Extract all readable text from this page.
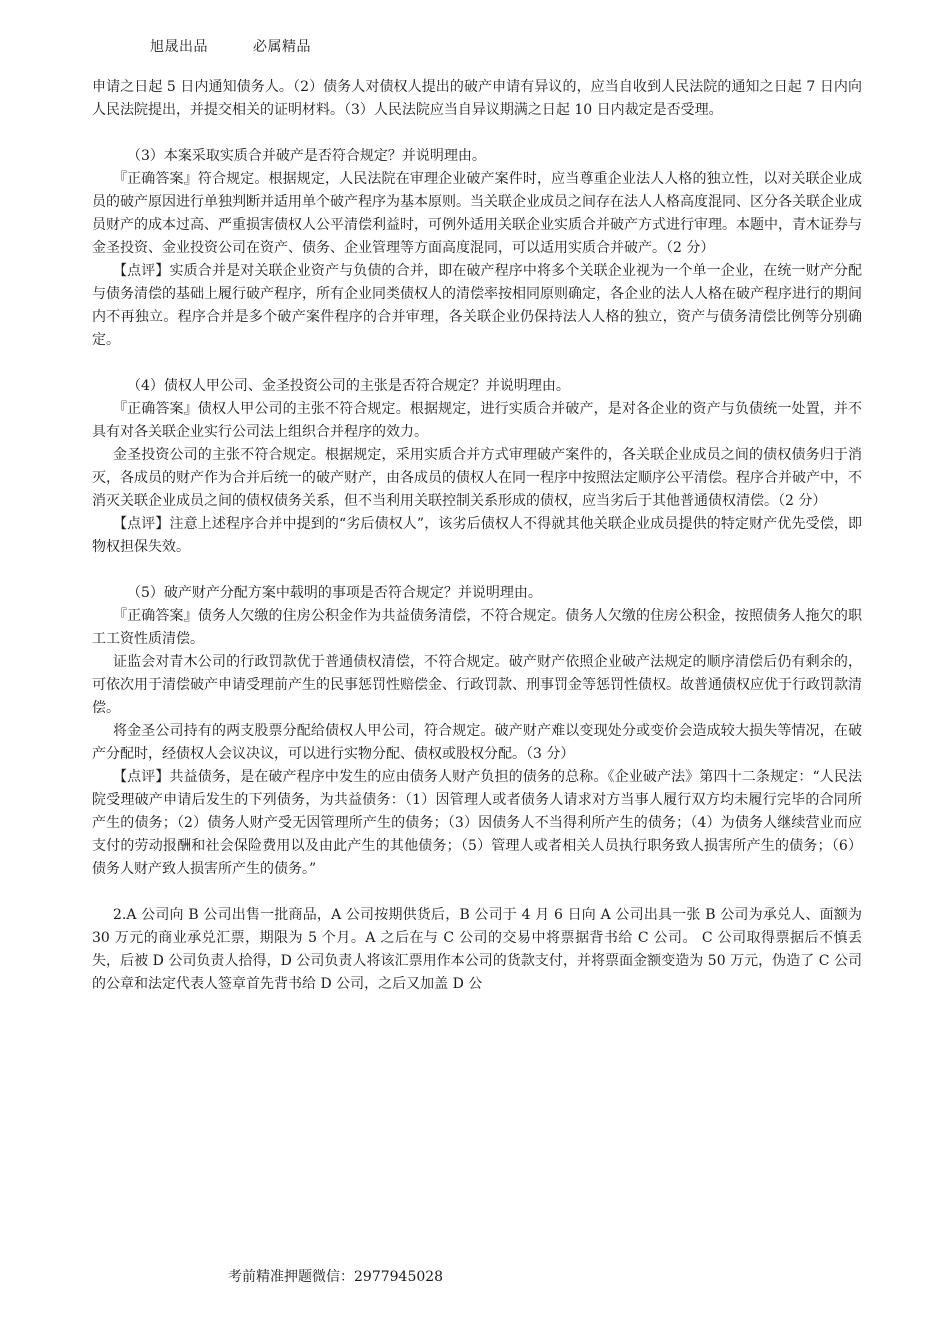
旭晟出品	必属精品

申请之日起 5 日内通知债务人。（2）债务人对债权人提出的破产申请有异议的，应当自收到人民法院的通知之日起 7 日内向人民法院提出，并提交相关的证明材料。（3）人民法院应当自异议期满之日起 10 日内裁定是否受理。

（3）本案采取实质合并破产是否符合规定？并说明理由。

『正确答案』符合规定。根据规定，人民法院在审理企业破产案件时，应当尊重企业法人人格的独立性，以对关联企业成员的破产原因进行单独判断并适用单个破产程序为基本原则。当关联企业成员之间存在法人人格高度混同、区分各关联企业成员财产的成本过高、严重损害债权人公平清偿利益时，可例外适用关联企业实质合并破产方式进行审理。本题中，青木证券与金圣投资、金业投资公司在资产、债务、企业管理等方面高度混同，可以适用实质合并破产。（2 分）

【点评】实质合并是对关联企业资产与负债的合并，即在破产程序中将多个关联企业视为一个单一企业，在统一财产分配与债务清偿的基础上履行破产程序，所有企业同类债权人的清偿率按相同原则确定，各企业的法人人格在破产程序进行的期间内不再独立。程序合并是多个破产案件程序的合并审理，各关联企业仍保持法人人格的独立，资产与债务清偿比例等分别确定。

（4）债权人甲公司、金圣投资公司的主张是否符合规定？并说明理由。

『正确答案』债权人甲公司的主张不符合规定。根据规定，进行实质合并破产，是对各企业的资产与负债统一处置，并不具有对各关联企业实行公司法上组织合并程序的效力。

金圣投资公司的主张不符合规定。根据规定，采用实质合并方式审理破产案件的，各关联企业成员之间的债权债务归于消灭，各成员的财产作为合并后统一的破产财产，由各成员的债权人在同一程序中按照法定顺序公平清偿。程序合并破产中，不消灭关联企业成员之间的债权债务关系，但不当利用关联控制关系形成的债权，应当劣后于其他普通债权清偿。（2 分）

【点评】注意上述程序合并中提到的“劣后债权人”，该劣后债权人不得就其他关联企业成员提供的特定财产优先受偿，即物权担保失效。

（5）破产财产分配方案中载明的事项是否符合规定？并说明理由。

『正确答案』债务人欠缴的住房公积金作为共益债务清偿，不符合规定。债务人欠缴的住房公积金，按照债务人拖欠的职工工资性质清偿。

证监会对青木公司的行政罚款优于普通债权清偿，不符合规定。破产财产依照企业破产法规定的顺序清偿后仍有剩余的，可依次用于清偿破产申请受理前产生的民事惩罚性赔偿金、行政罚款、刑事罚金等惩罚性债权。故普通债权应优于行政罚款清偿。

将金圣公司持有的两支股票分配给债权人甲公司，符合规定。破产财产难以变现处分或变价会造成较大损失等情况，在破产分配时，经债权人会议决议，可以进行实物分配、债权或股权分配。（3 分）

【点评】共益债务，是在破产程序中发生的应由债务人财产负担的债务的总称。《企业破产法》第四十二条规定：“人民法院受理破产申请后发生的下列债务，为共益债务：（1）因管理人或者债务人请求对方当事人履行双方均未履行完毕的合同所产生的债务；（2）债务人财产受无因管理所产生的债务；（3）因债务人不当得利所产生的债务；（4）为债务人继续营业而应支付的劳动报酬和社会保险费用以及由此产生的其他债务；（5）管理人或者相关人员执行职务致人损害所产生的债务；（6）债务人财产致人损害所产生的债务。”

2.A 公司向 B 公司出售一批商品，A 公司按期供货后，B 公司于 4 月 6 日向 A 公司出具一张 B 公司为承兑人、面额为 30 万元的商业承兑汇票，期限为 5 个月。A 之后在与 C 公司的交易中将票据背书给 C 公司。 C 公司取得票据后不慎丢失，后被 D 公司负责人拾得，D 公司负责人将该汇票用作本公司的货款支付，并将票面金额变造为 50 万元，伪造了 C 公司的公章和法定代表人签章首先背书给 D 公司，之后又加盖 D 公

考前精准押题微信：2977945028
